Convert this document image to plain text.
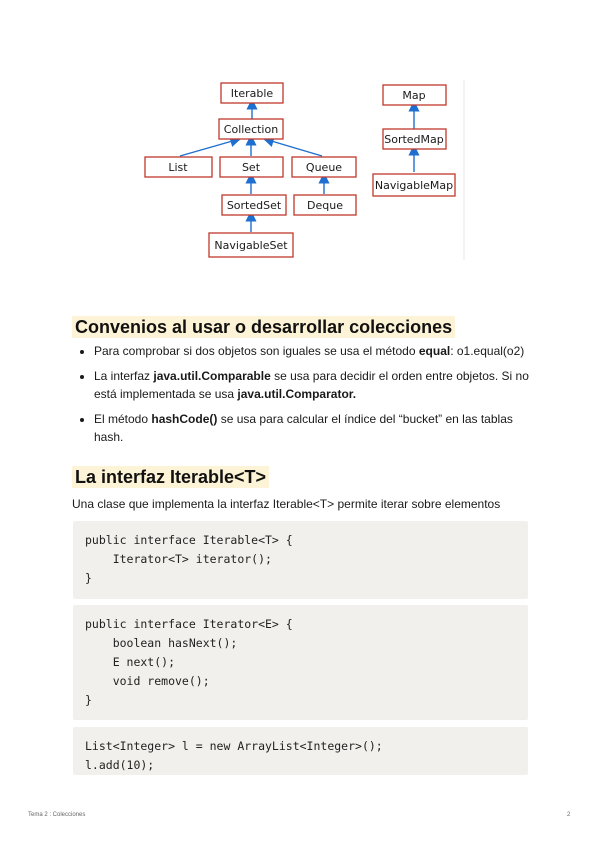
Iterable
Collection
List	Set	Queue
SortedSet Deque
NavigableSet
Map
SortedMap
NavigableMap
Convenios al usar o desarrollar colecciones
• Para comprobar si dos objetos son iguales se usa el método equal: o1.equal(o2)
• La interfaz java.util.Comparable se usa para decidir el orden entre objetos. Si no está implementada se usa java.util.Comparator.
• El método hashCode() se usa para calcular el índice del “bucket” en las tablas hash.
La interfaz Iterable<T>

Una clase que implementa la interfaz Iterable<T> permite iterar sobre elementos

public interface Iterable<T> {
Iterator<T> iterator();
}
public interface Iterator<E> {
boolean hasNext();
E next();
void remove();
}
List<Integer> l = new ArrayList<Integer>();
l.add(10);
Tema 2 : Colecciones	2
